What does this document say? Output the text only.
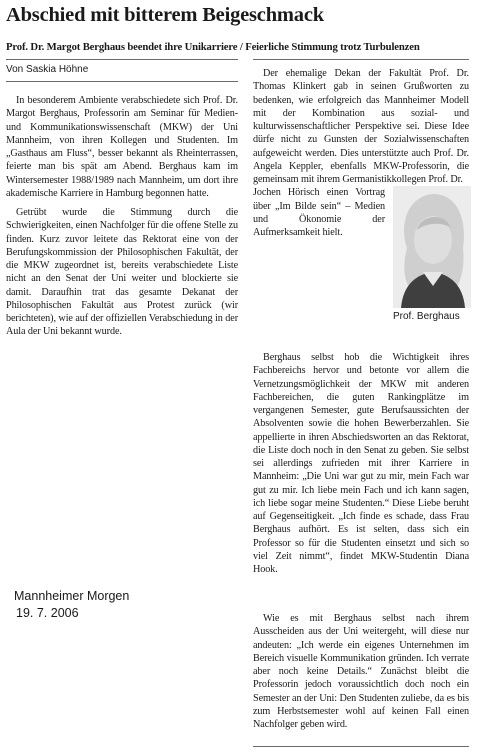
Abschied mit bitterem Beigeschmack
Prof. Dr. Margot Berghaus beendet ihre Unikarriere / Feierliche Stimmung trotz Turbulenzen
Von Saskia Höhne

In besonderem Ambiente verabschiedete sich Prof. Dr. Margot Berghaus, Professorin am Seminar für Medien- und Kommunikationswissenschaft (MKW) der Uni Mannheim, von ihren Kollegen und Studenten. Im „Gasthaus am Fluss“, besser bekannt als Rheinterrassen, feierte man bis spät am Abend. Berghaus kam im Wintersemester 1988/1989 nach Mannheim, um dort ihre akademische Karriere in Hamburg begonnen hatte.

Getrübt wurde die Stimmung durch die Schwierigkeiten, einen Nachfolger für die offene Stelle zu finden. Kurz zuvor leitete das Rektorat eine von der Berufungskommission der Philosophischen Fakultät, der die MKW zugeordnet ist, bereits verabschiedete Liste nicht an den Senat der Uni weiter und blockierte sie damit. Daraufhin trat das gesamte Dekanat der Philosophischen Fakultät aus Protest zurück (wir berichteten), wie auf der offiziellen Verabschiedung in der Aula der Uni bekannt wurde.

Der ehemalige Dekan der Fakultät Prof. Dr. Thomas Klinkert gab in seinen Grußworten zu bedenken, wie erfolgreich das Mannheimer Modell mit der Kombination aus sozial- und kulturwissenschaftlicher Perspektive sei. Diese Idee dürfe nicht zu Gunsten der Sozialwissenschaften aufgeweicht werden. Dies unterstützte auch Prof. Dr. Angela Keppler, ebenfalls MKW-Professorin, die gemeinsam mit ihrem Germanistikkollegen Prof. Dr.

Jochen Hörisch einen Vortrag über „Im Bilde sein“ – Medien und Ökonomie der Aufmerksamkeit hielt.

Prof. Berghaus

Berghaus selbst hob die Wichtigkeit ihres Fachbereichs hervor und betonte vor allem die Vernetzungsmöglichkeit der MKW mit anderen Fachbereichen, die guten Rankingplätze im vergangenen Semester, gute Berufsaussichten der Absolventen sowie die hohen Bewerberzahlen. Sie appellierte in ihren Abschiedsworten an das Rektorat, die Liste doch noch in den Senat zu geben. Sie selbst sei allerdings zufrieden mit ihrer Karriere in Mannheim: „Die Uni war gut zu mir, mein Fach war gut zu mir. Ich liebe mein Fach und ich kann sagen, ich liebe sogar meine Studenten.“ Diese Liebe beruht auf Gegenseitigkeit. „Ich finde es schade, dass Frau Berghaus aufhört. Es ist selten, dass sich ein Professor so für die Studenten einsetzt und sich so viel Zeit nimmt“, findet MKW-Studentin Diana Hook.

Wie es mit Berghaus selbst nach ihrem Ausscheiden aus der Uni weitergeht, will diese nur andeuten: „Ich werde ein eigenes Unternehmen im Bereich visuelle Kommunikation gründen. Ich verrate aber noch keine Details.“ Zunächst bleibt die Professorin jedoch voraussichtlich doch noch ein Semester an der Uni: Den Studenten zuliebe, da es bis zum Herbstsemester wohl auf keinen Fall einen Nachfolger geben wird.

Mannheimer Morgen
19. 7. 2006
